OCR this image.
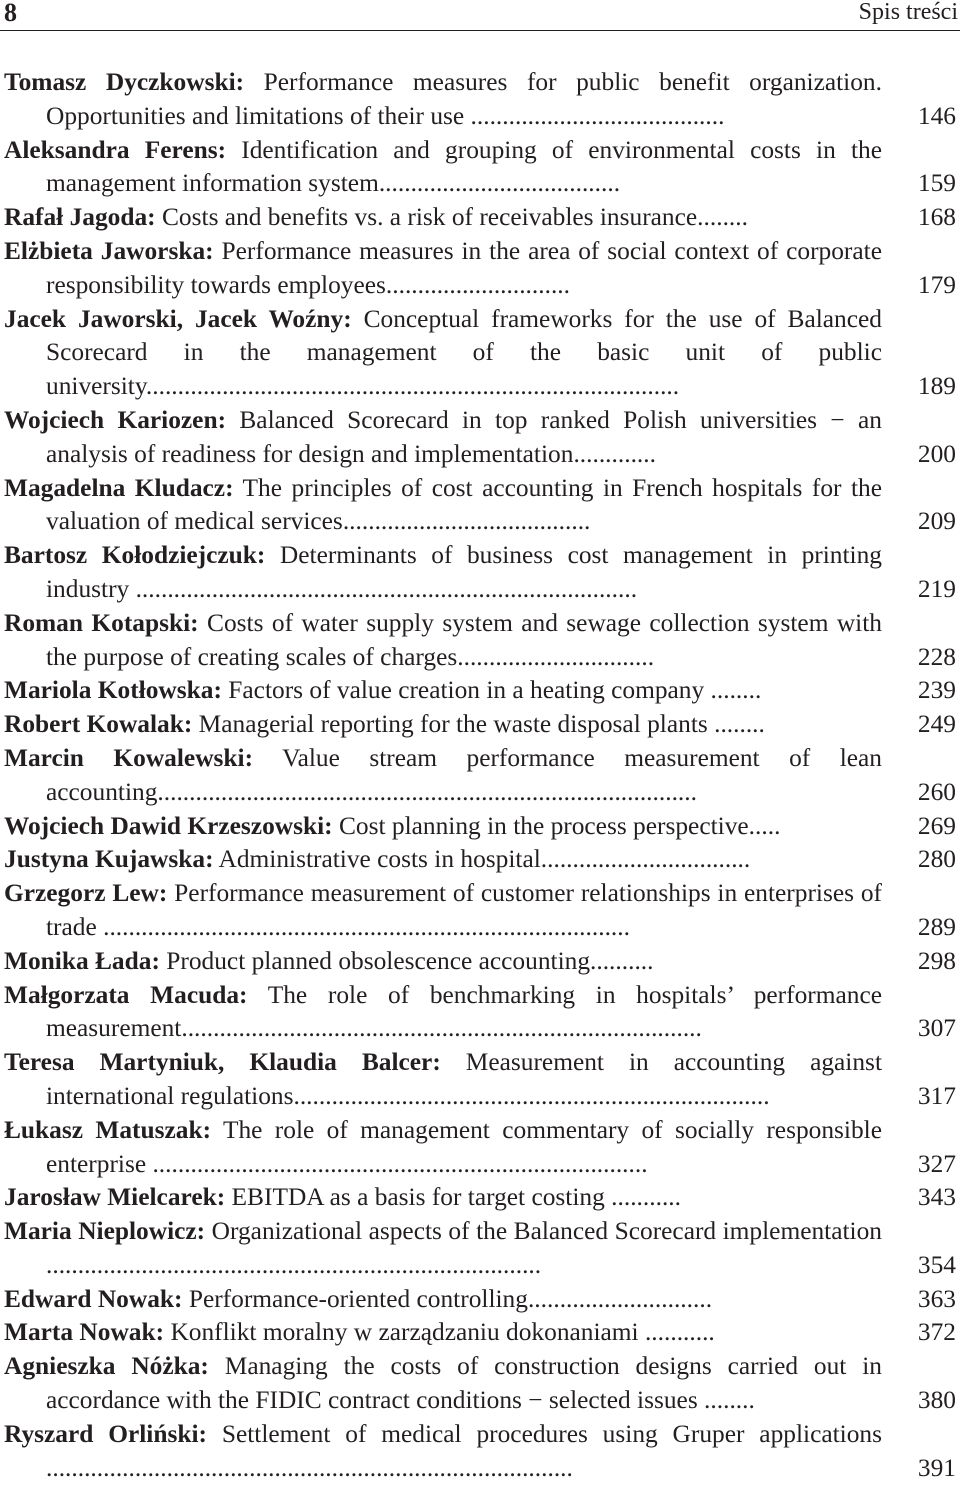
8	Spis treści
Tomasz Dyczkowski: Performance measures for public benefit organization. Opportunities and limitations of their use ........................................	146
Aleksandra Ferens: Identification and grouping of environmental costs in the management information system......................................	159
Rafał Jagoda: Costs and benefits vs. a risk of receivables insurance........	168
Elżbieta Jaworska: Performance measures in the area of social context of corporate responsibility towards employees.............................	179
Jacek Jaworski, Jacek Woźny: Conceptual frameworks for the use of Balanced Scorecard in the management of the basic unit of public university....................................................................................	189
Wojciech Kariozen: Balanced Scorecard in top ranked Polish universities − an analysis of readiness for design and implementation.............	200
Magadelna Kludacz: The principles of cost accounting in French hospitals for the valuation of medical services.......................................	209
Bartosz Kołodziejczuk: Determinants of business cost management in printing industry ...............................................................................	219
Roman Kotapski: Costs of water supply system and sewage collection system with the purpose of creating scales of charges...............................	228
Mariola Kotłowska: Factors of value creation in a heating company ........	239
Robert Kowalak: Managerial reporting for the waste disposal plants ........	249
Marcin Kowalewski: Value stream performance measurement of lean accounting.....................................................................................	260
Wojciech Dawid Krzeszowski: Cost planning in the process perspective.....	269
Justyna Kujawska: Administrative costs in hospital.................................	280
Grzegorz Lew: Performance measurement of customer relationships in enterprises of trade ...................................................................................	289
Monika Łada: Product planned obsolescence accounting..........	298
Małgorzata Macuda: The role of benchmarking in hospitals’ performance measurement..................................................................................	307
Teresa Martyniuk, Klaudia Balcer: Measurement in accounting against international regulations...........................................................................	317
Łukasz Matuszak: The role of management commentary of socially responsible enterprise ..............................................................................	327
Jarosław Mielcarek: EBITDA as a basis for target costing ...........	343
Maria Nieplowicz: Organizational aspects of the Balanced Scorecard implementation ..............................................................................	354
Edward Nowak: Performance-oriented controlling.............................	363
Marta Nowak: Konflikt moralny w zarządzaniu dokonaniami ...........	372
Agnieszka Nóżka: Managing the costs of construction designs carried out in accordance with the FIDIC contract conditions − selected issues ........	380
Ryszard Orliński: Settlement of medical procedures using Gruper applications ...................................................................................	391
